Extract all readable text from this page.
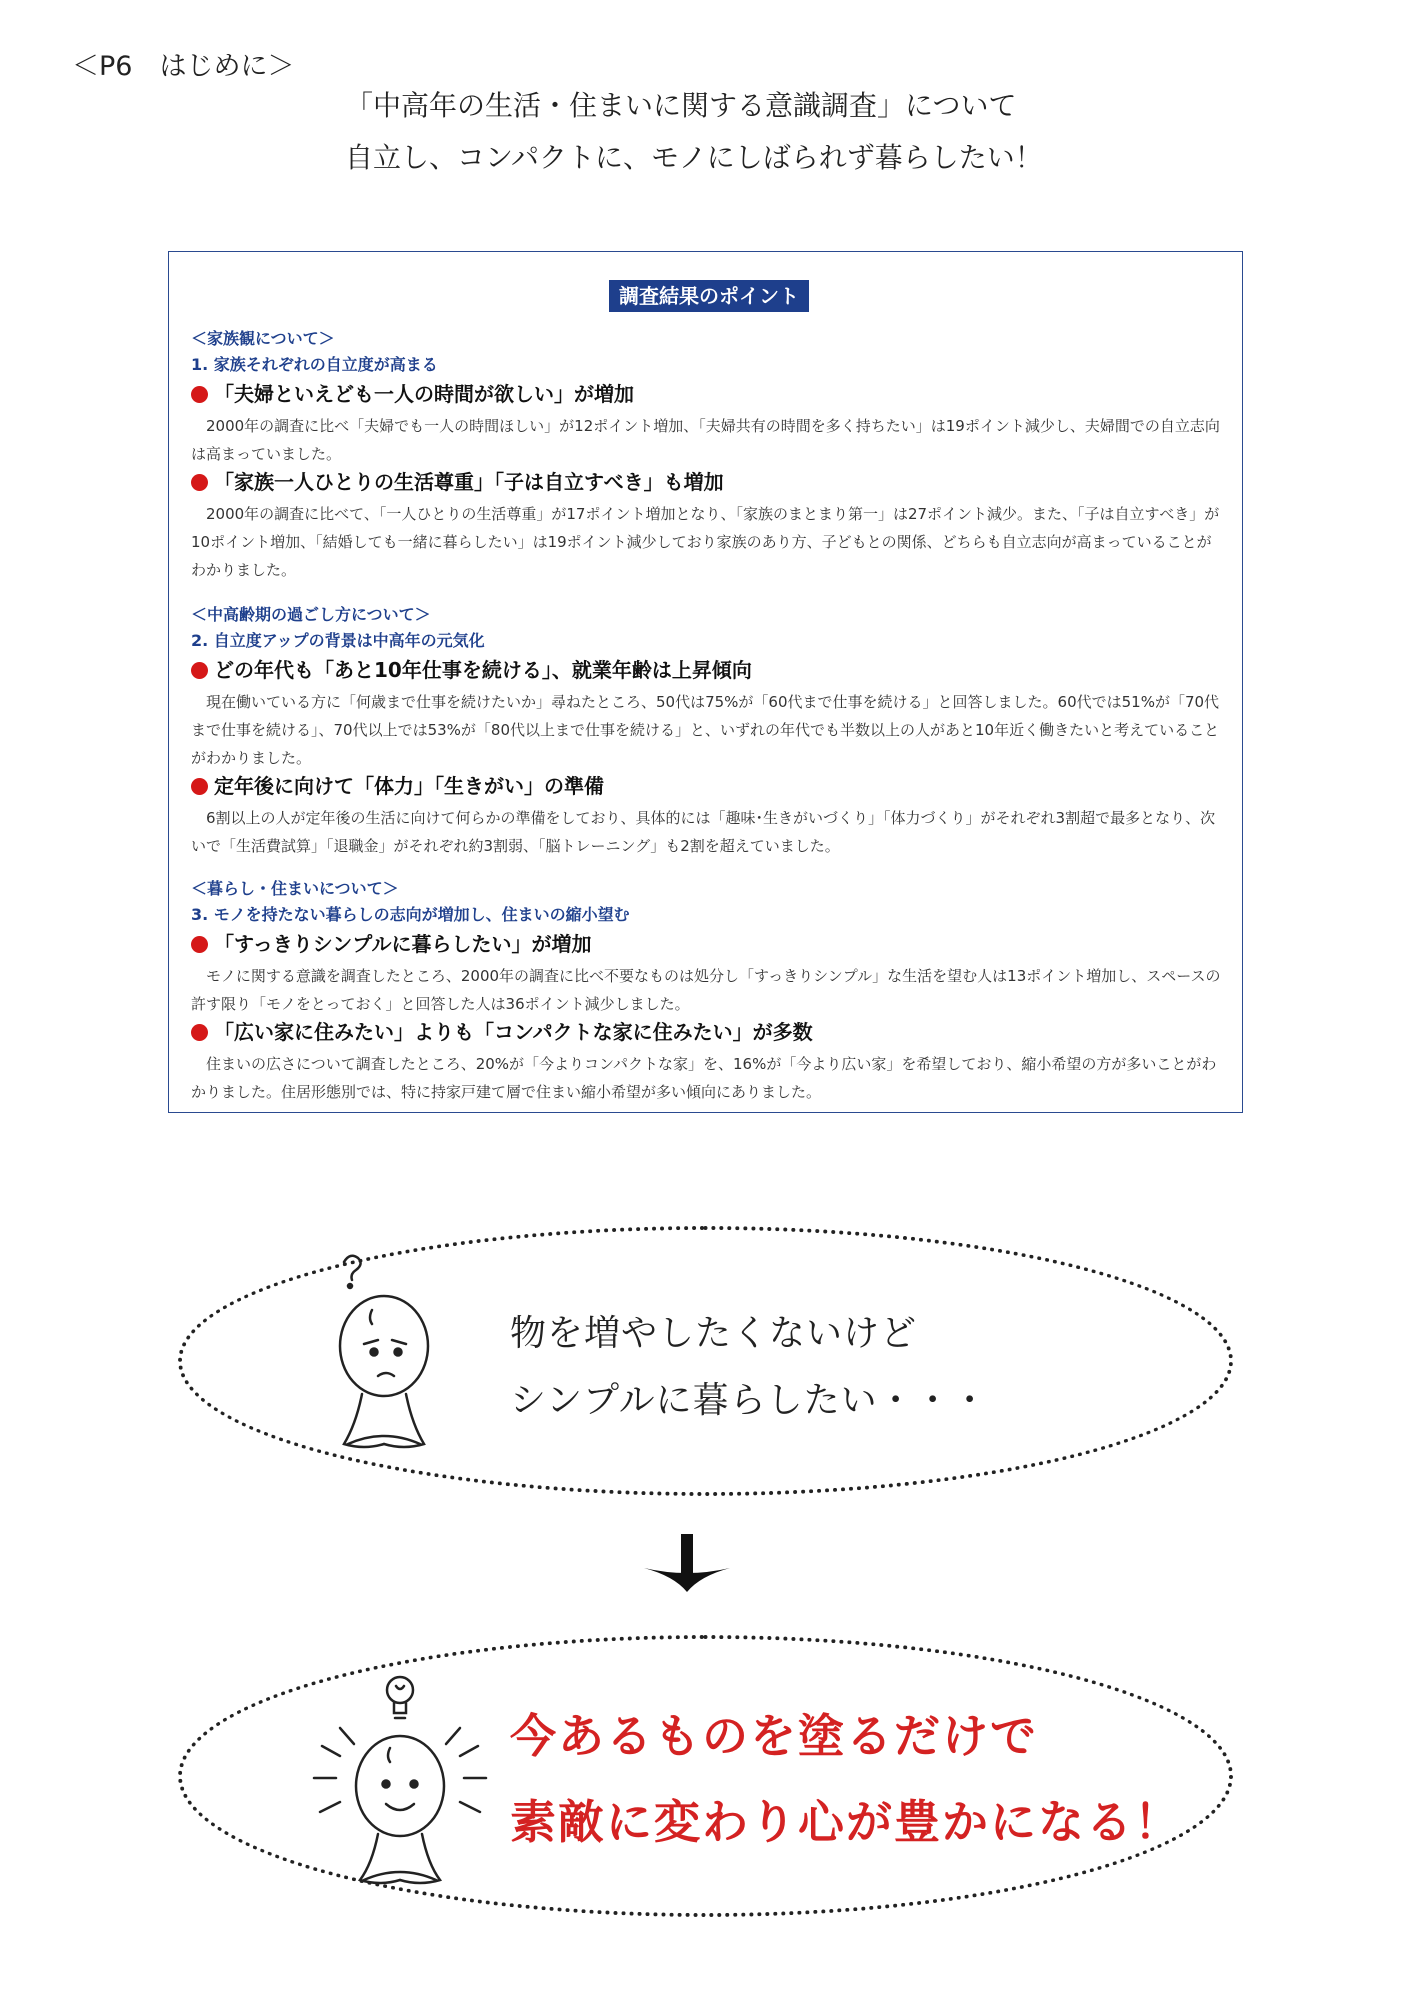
＜P6　はじめに＞
「中高年の生活・住まいに関する意識調査」について
自立し、コンパクトに、モノにしばられず暮らしたい！
調査結果のポイント
＜家族観について＞
1. 家族それぞれの自立度が高まる
「夫婦といえども一人の時間が欲しい」が増加
2000年の調査に比べ「夫婦でも一人の時間ほしい」が12ポイント増加、「夫婦共有の時間を多く持ちたい」は19ポイント減少し、夫婦間での自立志向は高まっていました。
「家族一人ひとりの生活尊重」「子は自立すべき」も増加
2000年の調査に比べて、「一人ひとりの生活尊重」が17ポイント増加となり、「家族のまとまり第一」は27ポイント減少。また、「子は自立すべき」が10ポイント増加、「結婚しても一緒に暮らしたい」は19ポイント減少しており家族のあり方、子どもとの関係、どちらも自立志向が高まっていることがわかりました。
＜中高齢期の過ごし方について＞
2. 自立度アップの背景は中高年の元気化
どの年代も「あと10年仕事を続ける」、就業年齢は上昇傾向
現在働いている方に「何歳まで仕事を続けたいか」尋ねたところ、50代は75%が「60代まで仕事を続ける」と回答しました。60代では51%が「70代まで仕事を続ける」、70代以上では53%が「80代以上まで仕事を続ける」と、いずれの年代でも半数以上の人があと10年近く働きたいと考えていることがわかりました。
定年後に向けて「体力」「生きがい」の準備
6割以上の人が定年後の生活に向けて何らかの準備をしており、具体的には「趣味･生きがいづくり」「体力づくり」がそれぞれ3割超で最多となり、次いで「生活費試算」「退職金」がそれぞれ約3割弱、「脳トレーニング」も2割を超えていました。
＜暮らし・住まいについて＞
3. モノを持たない暮らしの志向が増加し、住まいの縮小望む
「すっきりシンプルに暮らしたい」が増加
モノに関する意識を調査したところ、2000年の調査に比べ不要なものは処分し「すっきりシンプル」な生活を望む人は13ポイント増加し、スペースの許す限り「モノをとっておく」と回答した人は36ポイント減少しました。
「広い家に住みたい」よりも「コンパクトな家に住みたい」が多数
住まいの広さについて調査したところ、20%が「今よりコンパクトな家」を、16%が「今より広い家」を希望しており、縮小希望の方が多いことがわかりました。住居形態別では、特に持家戸建て層で住まい縮小希望が多い傾向にありました。
物を増やしたくないけど
シンプルに暮らしたい・・・
今あるものを塗るだけで
素敵に変わり心が豊かになる！
